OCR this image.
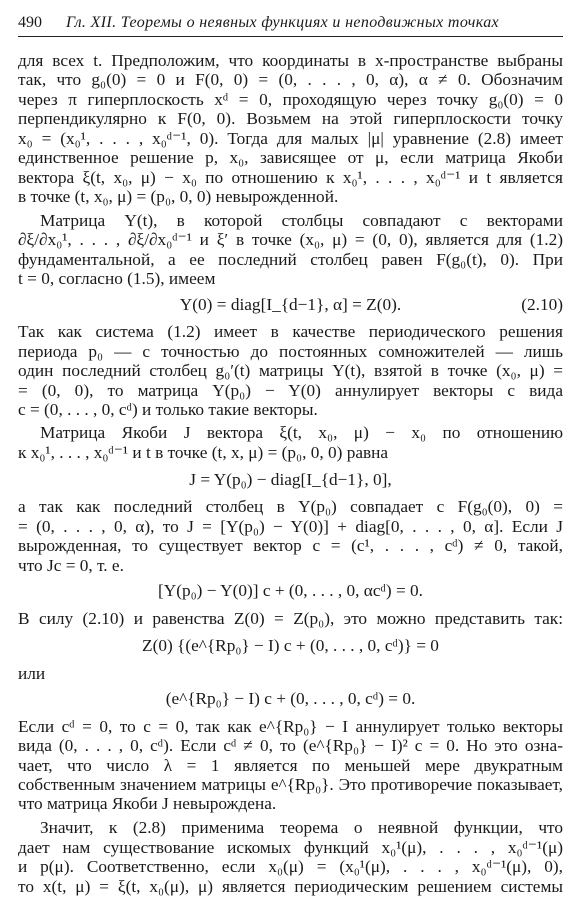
490 Гл. XII. Теоремы о неявных функциях и неподвижных точках
для всех t. Предположим, что координаты в x-пространстве выбраны
так, что g₀(0) = 0 и F(0, 0) = (0, . . . , 0, α), α ≠ 0. Обозначим
через π гиперплоскость xᵈ = 0, проходящую через точку g₀(0) = 0
перпендикулярно к F(0, 0). Возьмем на этой гиперплоскости точку
x₀ = (x₀¹, . . . , x₀ᵈ⁻¹, 0). Тогда для малых |μ| уравнение (2.8) имеет
единственное решение p, x₀, зависящее от μ, если матрица Якоби
вектора ξ(t, x₀, μ) − x₀ по отношению к x₀¹, . . . , x₀ᵈ⁻¹ и t является
в точке (t, x₀, μ) = (p₀, 0, 0) невырожденной.
Матрица Y(t), в которой столбцы совпадают с векторами
∂ξ/∂x₀¹, . . . , ∂ξ/∂x₀ᵈ⁻¹ и ξ′ в точке (x₀, μ) = (0, 0), является для (1.2)
фундаментальной, а ее последний столбец равен F(g₀(t), 0). При
t = 0, согласно (1.5), имеем
Так как система (1.2) имеет в качестве периодического решения
периода p₀ — с точностью до постоянных сомножителей — лишь
один последний столбец g₀′(t) матрицы Y(t), взятой в точке (x₀, μ) =
= (0, 0), то матрица Y(p₀) − Y(0) аннулирует векторы c вида
c = (0, . . . , 0, cᵈ) и только такие векторы.
Матрица Якоби J вектора ξ(t, x₀, μ) − x₀ по отношению
к x₀¹, . . . , x₀ᵈ⁻¹ и t в точке (t, x, μ) = (p₀, 0, 0) равна
а так как последний столбец в Y(p₀) совпадает с F(g₀(0), 0) =
= (0, . . . , 0, α), то J = [Y(p₀) − Y(0)] + diag[0, . . . , 0, α]. Если J
вырожденная, то существует вектор c = (c¹, . . . , cᵈ) ≠ 0, такой,
что Jc = 0, т. е.
В силу (2.10) и равенства Z(0) = Z(p₀), это можно представить так:
или
Если cᵈ = 0, то c = 0, так как e^{Rp₀} − I аннулирует только векторы
вида (0, . . . , 0, cᵈ). Если cᵈ ≠ 0, то (e^{Rp₀} − I)² c = 0. Но это озна-
чает, что число λ = 1 является по меньшей мере двукратным
собственным значением матрицы e^{Rp₀}. Это противоречие показывает,
что матрица Якоби J невырождена.
Значит, к (2.8) применима теорема о неявной функции, что
дает нам существование искомых функций x₀¹(μ), . . . , x₀ᵈ⁻¹(μ)
и p(μ). Соответственно, если x₀(μ) = (x₀¹(μ), . . . , x₀ᵈ⁻¹(μ), 0),
то x(t, μ) = ξ(t, x₀(μ), μ) является периодическим решением системы
Y(0) = diag[I_{d−1}, α] = Z(0).	(2.10)
J = Y(p₀) − diag[I_{d−1}, 0],
[Y(p₀) − Y(0)] c + (0, . . . , 0, αcᵈ) = 0.
Z(0) {(e^{Rp₀} − I) c + (0, . . . , 0, cᵈ)} = 0
(e^{Rp₀} − I) c + (0, . . . , 0, cᵈ) = 0.
